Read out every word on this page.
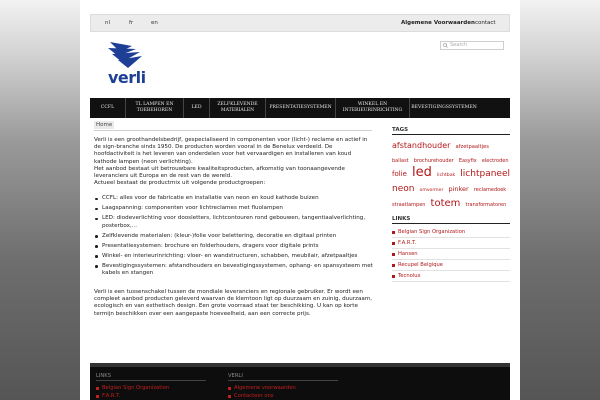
nl	fr	en	Algemene Voorwaarden contact
verli
Search
CCFL
TL LAMPEN EN TOEBEHOREN
LED
ZELFKLEVENDE MATERIALEN
PRESENTATIESYSTEMEN
WINKEL EN INTERIEURINRICHTING
BEVESTIGINGSSYSTEMEN
Home

Verli is een groothandelsbedrijf, gespecialiseerd in componenten voor (licht-) reclame en actief in de sign-branche sinds 1950. De producten worden vooral in de Benelux verdeeld. De hoofdactiviteit is het leveren van onderdelen voor het vervaardigen en installeren van koud kathode lampen (neon verlichting).

Het aanbod bestaat uit betrouwbare kwaliteitsproducten, afkomstig van toonaangevende leveranciers uit Europa en de rest van de wereld.

Actueel bestaat de productmix uit volgende productgroepen:

CCFL: alles voor de fabricatie en installatie van neon en koud kathode buizen
Laagspanning: componenten voor lichtreclames met fluolampen
LED: diodeverlichting voor doosletters, lichtcontouren rond gebouwen, tangentiaalverlichting, posterbox,...
Zelfklevende materialen: (kleur-)folie voor belettering, decoratie en digitaal printen
Presentatiesystemen: brochure en folderhouders, dragers voor digitale prints
Winkel- en interieurinrichting: vloer- en wandstructuren, schabben, meubilair, afzetpaaltjes
Bevestigingssystemen: afstandhouders en bevestigingssystemen, ophang- en spansysteem met kabels en stangen

Verli is een tussenschakel tussen de mondiale leveranciers en regionale gebruiker. Er wordt een compleet aanbod producten geleverd waarvan de klemtoon ligt op duurzaam en zuinig, duurzaam, ecologisch en van esthetisch design. Een grote voorraad staat ter beschikking. U kan op korte termijn beschikken over een aangepaste hoeveelheid, aan een correcte prijs.

TAGS
afstandhouder afzetpaaltjes ballast brochurehouder Easyfix electroden folie led lichtbak lichtpaneel neon omvormer pinker reclamedoek straatlampen totem transformatoren
LINKS
Belgian Sign Organization
F.A.R.T.
Hansen
Recupel Belgique
Tecnolux
LINKS
Belgian Sign Organization
F.A.R.T.
VERLI
Algemene voorwaarden
Contacteer ons
